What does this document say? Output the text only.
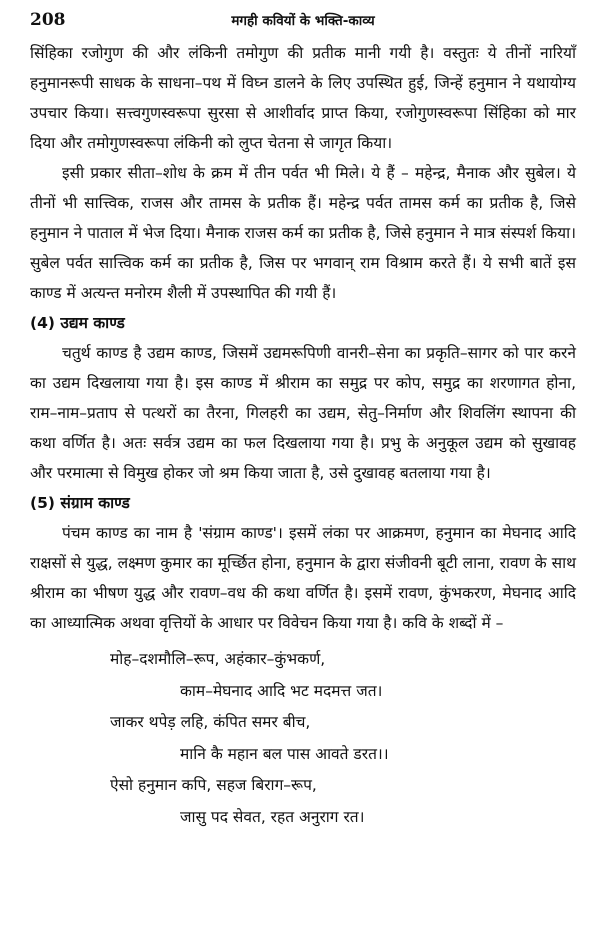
208	मगही कवियों के भक्ति-काव्य

सिंहिका रजोगुण की और लंकिनी तमोगुण की प्रतीक मानी गयी है। वस्तुतः ये तीनों नारियाँ हनुमानरूपी साधक के साधना–पथ में विघ्न डालने के लिए उपस्थित हुई, जिन्हें हनुमान ने यथायोग्य उपचार किया। सत्त्वगुणस्वरूपा सुरसा से आशीर्वाद प्राप्त किया, रजोगुणस्वरूपा सिंहिका को मार दिया और तमोगुणस्वरूपा लंकिनी को लुप्त चेतना से जागृत किया।

इसी प्रकार सीता–शोध के क्रम में तीन पर्वत भी मिले। ये हैं – महेन्द्र, मैनाक और सुबेल। ये तीनों भी सात्त्विक, राजस और तामस के प्रतीक हैं। महेन्द्र पर्वत तामस कर्म का प्रतीक है, जिसे हनुमान ने पाताल में भेज दिया। मैनाक राजस कर्म का प्रतीक है, जिसे हनुमान ने मात्र संस्पर्श किया। सुबेल पर्वत सात्त्विक कर्म का प्रतीक है, जिस पर भगवान् राम विश्राम करते हैं। ये सभी बातें इस काण्ड में अत्यन्त मनोरम शैली में उपस्थापित की गयी हैं।

(4) उद्यम काण्ड

चतुर्थ काण्ड है उद्यम काण्ड, जिसमें उद्यमरूपिणी वानरी–सेना का प्रकृति–सागर को पार करने का उद्यम दिखलाया गया है। इस काण्ड में श्रीराम का समुद्र पर कोप, समुद्र का शरणागत होना, राम–नाम–प्रताप से पत्थरों का तैरना, गिलहरी का उद्यम, सेतु–निर्माण और शिवलिंग स्थापना की कथा वर्णित है। अतः सर्वत्र उद्यम का फल दिखलाया गया है। प्रभु के अनुकूल उद्यम को सुखावह और परमात्मा से विमुख होकर जो श्रम किया जाता है, उसे दुखावह बतलाया गया है।

(5) संग्राम काण्ड

पंचम काण्ड का नाम है 'संग्राम काण्ड'। इसमें लंका पर आक्रमण, हनुमान का मेघनाद आदि राक्षसों से युद्ध, लक्ष्मण कुमार का मूर्च्छित होना, हनुमान के द्वारा संजीवनी बूटी लाना, रावण के साथ श्रीराम का भीषण युद्ध और रावण–वध की कथा वर्णित है। इसमें रावण, कुंभकरण, मेघनाद आदि का आध्यात्मिक अथवा वृत्तियों के आधार पर विवेचन किया गया है। कवि के शब्दों में –

मोह–दशमौलि–रूप, अहंकार–कुंभकर्ण,
काम–मेघनाद आदि भट मदमत्त जत।
जाकर थपेड़ लहि, कंपित समर बीच,
मानि कै महान बल पास आवते डरत।।
ऐसो हनुमान कपि, सहज बिराग–रूप,
जासु पद सेवत, रहत अनुराग रत।
